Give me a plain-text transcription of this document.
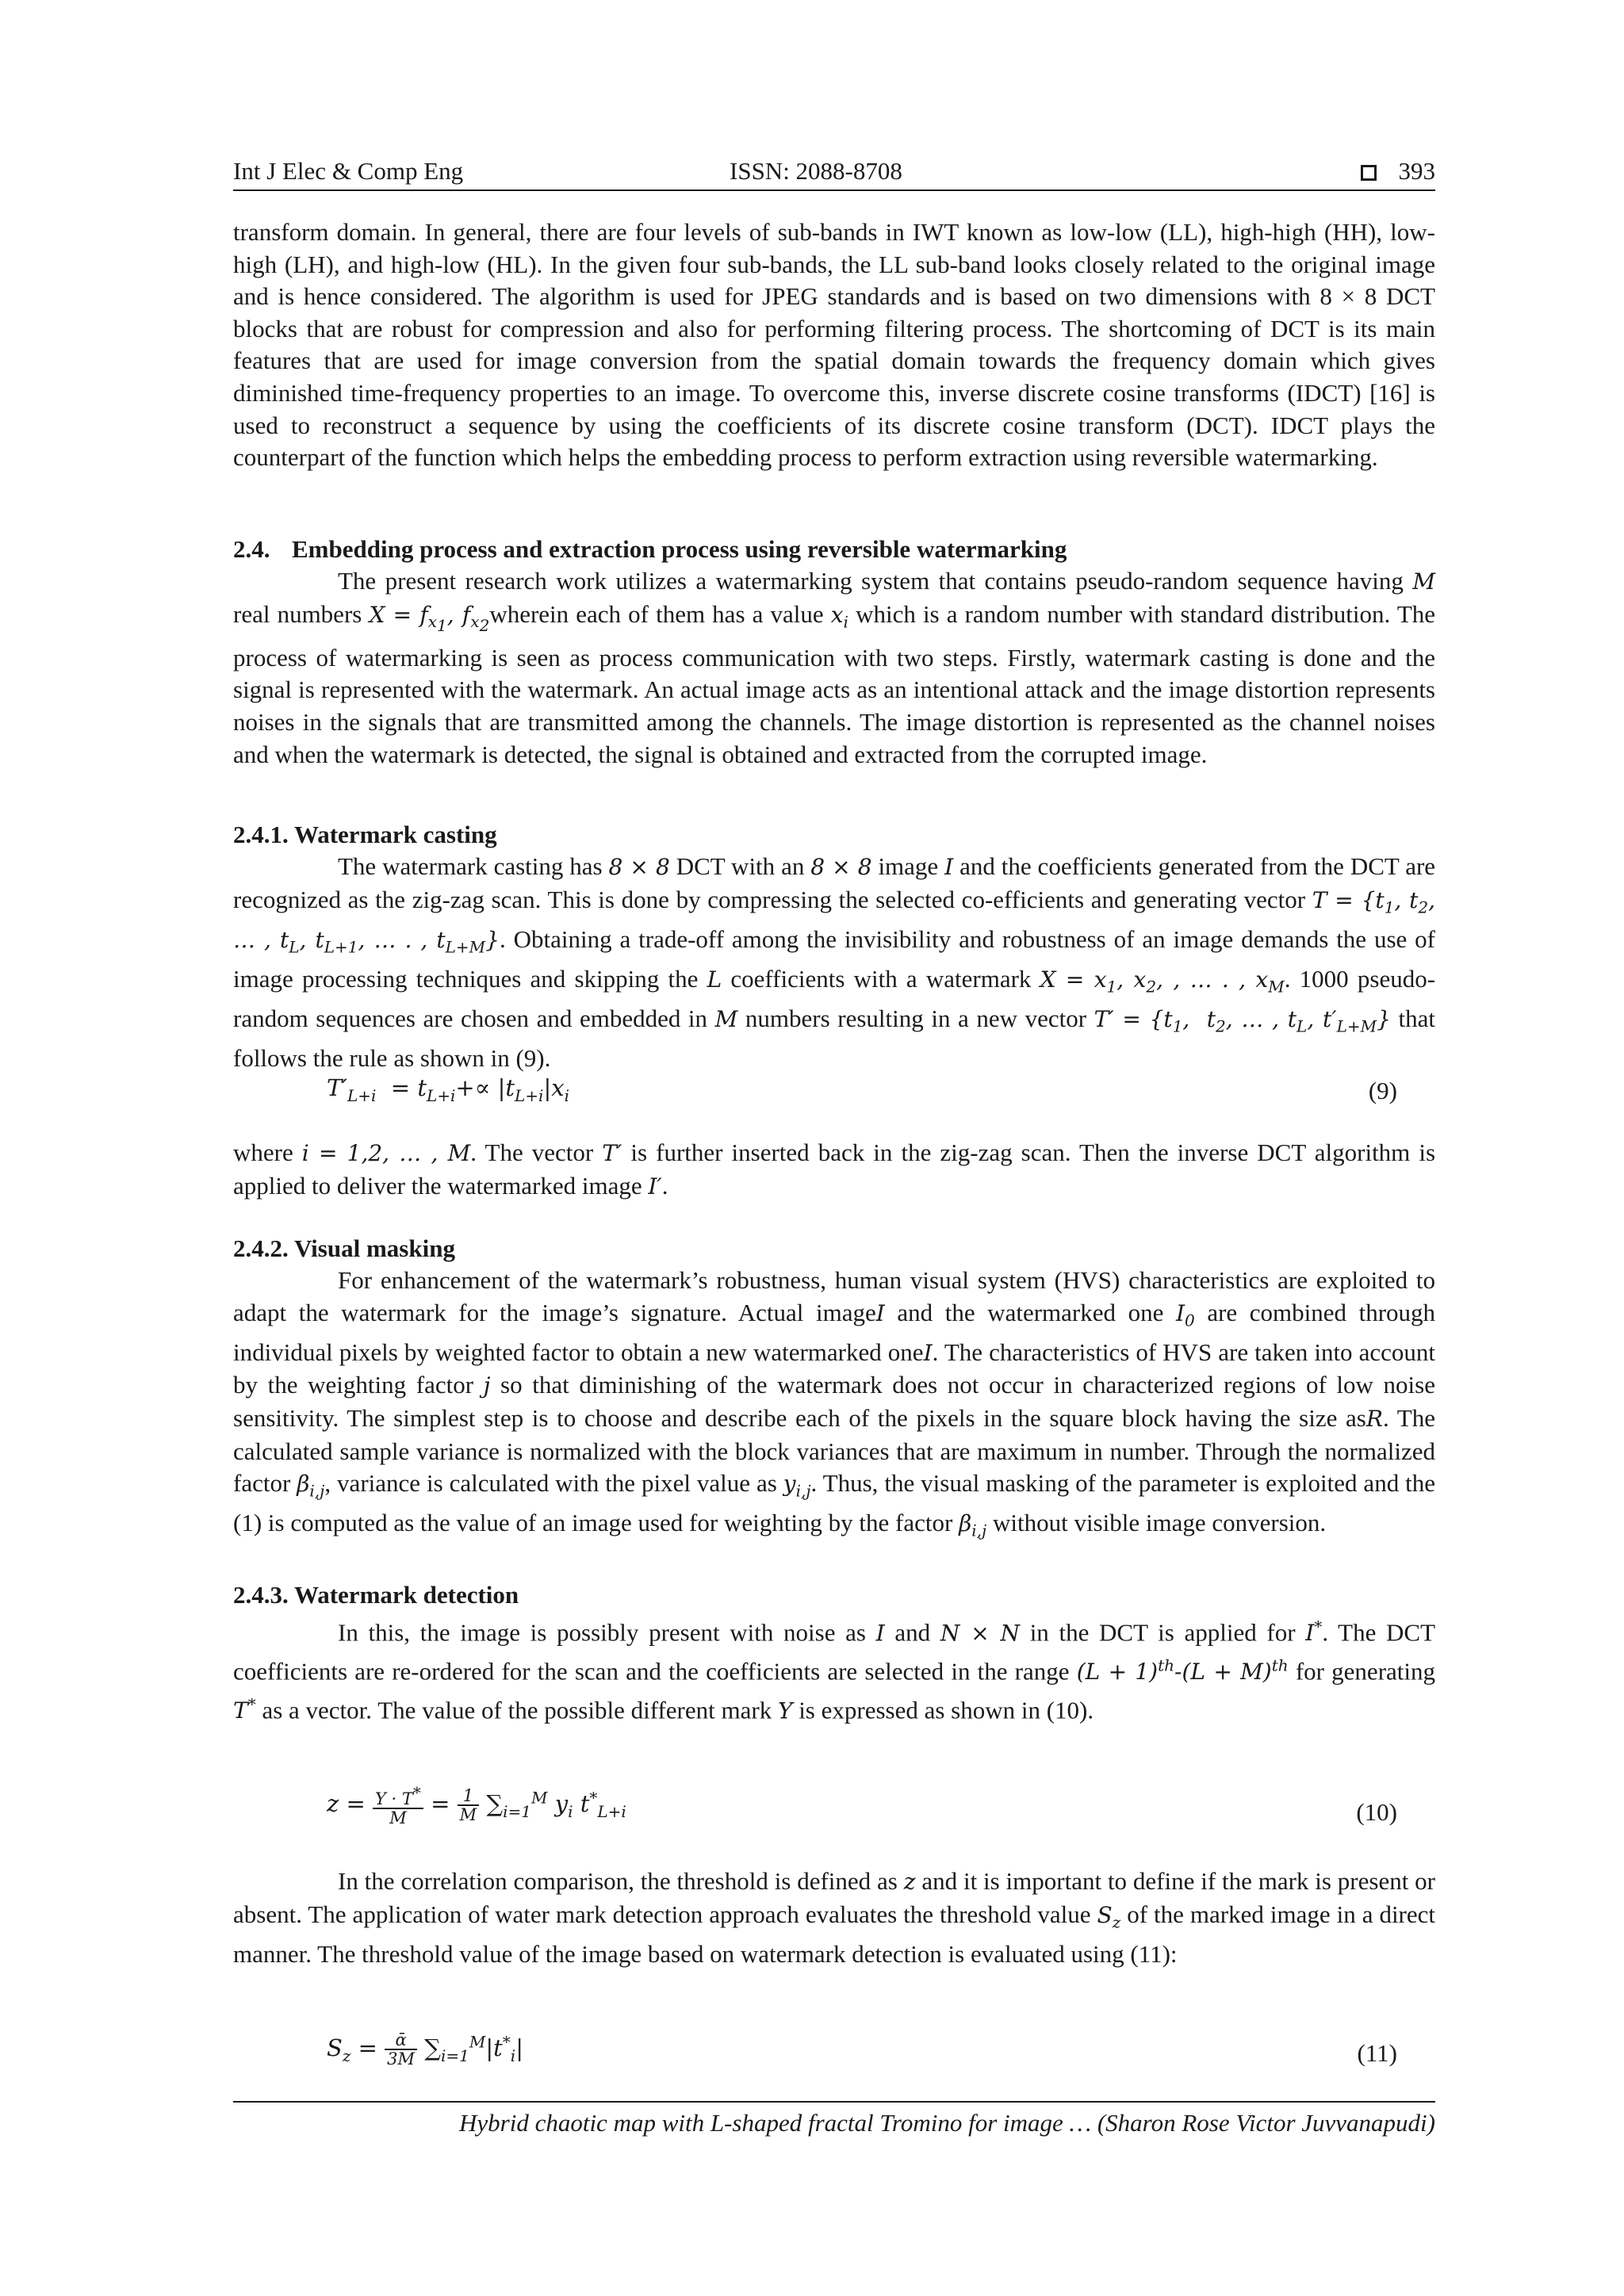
Int J Elec & Comp Eng	ISSN: 2088-8708	393

transform domain. In general, there are four levels of sub-bands in IWT known as low-low (LL), high-high (HH), low-high (LH), and high-low (HL). In the given four sub-bands, the LL sub-band looks closely related to the original image and is hence considered. The algorithm is used for JPEG standards and is based on two dimensions with 8 × 8 DCT blocks that are robust for compression and also for performing filtering process. The shortcoming of DCT is its main features that are used for image conversion from the spatial domain towards the frequency domain which gives diminished time-frequency properties to an image. To overcome this, inverse discrete cosine transforms (IDCT) [16] is used to reconstruct a sequence by using the coefficients of its discrete cosine transform (DCT). IDCT plays the counterpart of the function which helps the embedding process to perform extraction using reversible watermarking.

2.4. Embedding process and extraction process using reversible watermarking

The present research work utilizes a watermarking system that contains pseudo-random sequence having M real numbers $X = f_{x_1}$, $f_{x_2}wherein$ each of them has a value $x_i$ which is a random number with standard distribution. The process of watermarking is seen as process communication with two steps. Firstly, watermark casting is done and the signal is represented with the watermark. An actual image acts as an intentional attack and the image distortion represents noises in the signals that are transmitted among the channels. The image distortion is represented as the channel noises and when the watermark is detected, the signal is obtained and extracted from the corrupted image.

2.4.1. Watermark casting

The watermark casting has 8 × 8 DCT with an 8 × 8 image I and the coefficients generated from the DCT are recognized as the zig-zag scan. This is done by compressing the selected co-efficients and generating vector $T = \{t_1$, $t_2$, … , $t_L$, $t_{L+1}$, … . , $t_{L+M}$}. Obtaining a trade-off among the invisibility and robustness of an image demands the use of image processing techniques and skipping the L coefficients with a watermark $X = x_1$, $x_2$, , … . , $x_M$. 1000 pseudo-random sequences are chosen and embedded in M numbers resulting in a new vector $T' = \{t_1$,  $t_2$, … , $t_L$, $t'_{L+M}$} that follows the rule as shown in (9).

$T'_{L+i} = t_{L+i}+\propto |t_{L+i}|x_i$	(9)

where i = 1,2, … , M. The vector T′ is further inserted back in the zig-zag scan. Then the inverse DCT algorithm is applied to deliver the watermarked image I′.

2.4.2. Visual masking

For enhancement of the watermark’s robustness, human visual system (HVS) characteristics are exploited to adapt the watermark for the image’s signature. Actual imageI and the watermarked one $I_0$ are combined through individual pixels by weighted factor to obtain a new watermarked oneI. The characteristics of HVS are taken into account by the weighting factor j so that diminishing of the watermark does not occur in characterized regions of low noise sensitivity. The simplest step is to choose and describe each of the pixels in the square block having the size asR. The calculated sample variance is normalized with the block variances that are maximum in number. Through the normalized factor $\beta_{i,j}$, variance is calculated with the pixel value as $y_{i,j}$. Thus, the visual masking of the parameter is exploited and the (1) is computed as the value of an image used for weighting by the factor $\beta_{i,j}$ without visible image conversion.

2.4.3. Watermark detection

In this, the image is possibly present with noise as I and N × N in the DCT is applied for I*. The DCT coefficients are re-ordered for the scan and the coefficients are selected in the range $(L + 1)^{th}-(L + M)^{th}$ for generating T* as a vector. The value of the possible different mark Y is expressed as shown in (10).

$z = \frac{Y \cdot T^*}{M} = \frac{1}{M} \sum_{i=1}^M$ $y_i$ $t^*_{L+i}$	(10)

In the correlation comparison, the threshold is defined as z and it is important to define if the mark is present or absent. The application of water mark detection approach evaluates the threshold value $S_z$ of the marked image in a direct manner. The threshold value of the image based on watermark detection is evaluated using (11):

$S_z = \frac{\text{ᾱ}}{3M} \sum_{i=1}^M|t^*_i|$	(11)
Hybrid chaotic map with L-shaped fractal Tromino for image … (Sharon Rose Victor Juvvanapudi)
